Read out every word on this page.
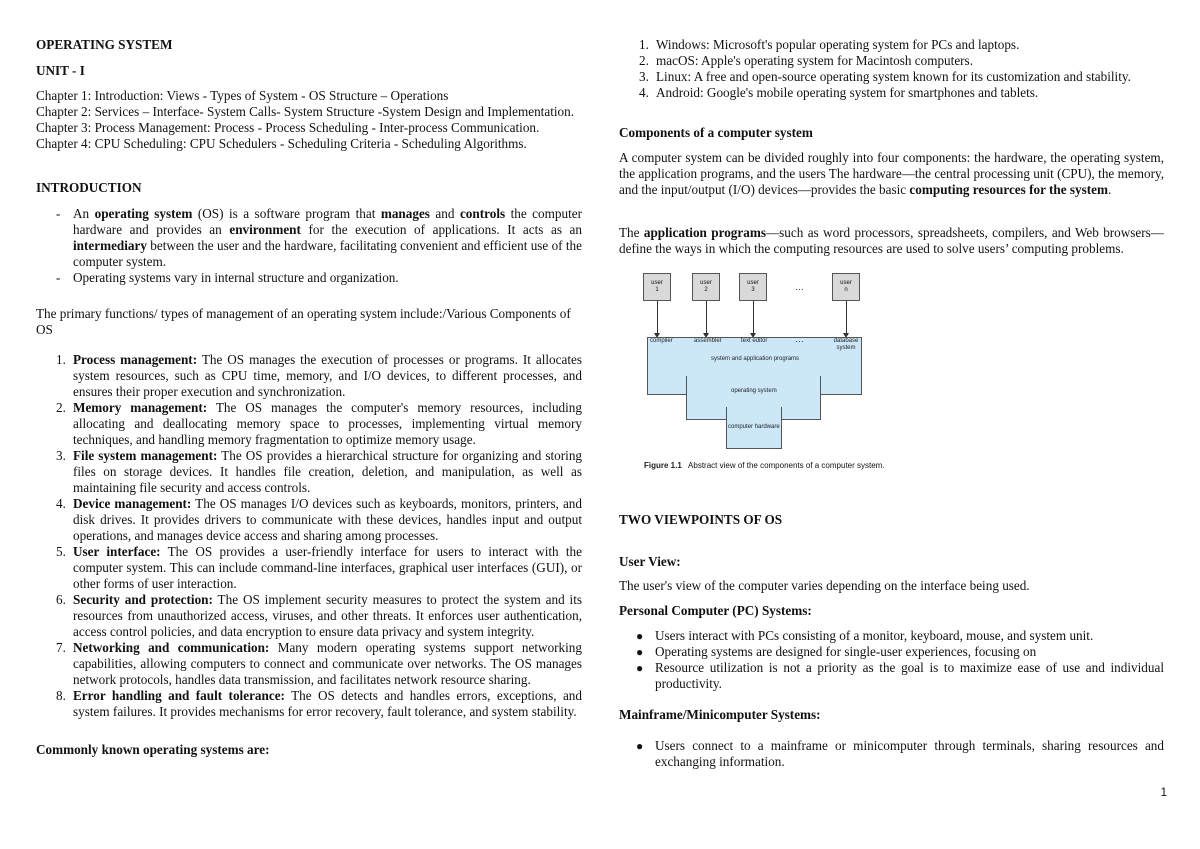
OPERATING SYSTEM

UNIT - I

Chapter 1: Introduction: Views - Types of System - OS Structure – Operations

Chapter 2: Services – Interface- System Calls- System Structure -System Design and Implementation.

Chapter 3: Process Management: Process - Process Scheduling - Inter-process Communication.

Chapter 4: CPU Scheduling: CPU Schedulers - Scheduling Criteria - Scheduling Algorithms.

INTRODUCTION

- An operating system (OS) is a software program that manages and controls the computer hardware and provides an environment for the execution of applications. It acts as an intermediary between the user and the hardware, facilitating convenient and efficient use of the computer system.
- Operating systems vary in internal structure and organization.

The primary functions/ types of management of an operating system include:/Various Components of OS

1. Process management: The OS manages the execution of processes or programs. It allocates system resources, such as CPU time, memory, and I/O devices, to different processes, and ensures their proper execution and synchronization.
2. Memory management: The OS manages the computer's memory resources, including allocating and deallocating memory space to processes, implementing virtual memory techniques, and handling memory fragmentation to optimize memory usage.
3. File system management: The OS provides a hierarchical structure for organizing and storing files on storage devices. It handles file creation, deletion, and manipulation, as well as maintaining file security and access controls.
4. Device management: The OS manages I/O devices such as keyboards, monitors, printers, and disk drives. It provides drivers to communicate with these devices, handles input and output operations, and manages device access and sharing among processes.
5. User interface: The OS provides a user-friendly interface for users to interact with the computer system. This can include command-line interfaces, graphical user interfaces (GUI), or other forms of user interaction.
6. Security and protection: The OS implement security measures to protect the system and its resources from unauthorized access, viruses, and other threats. It enforces user authentication, access control policies, and data encryption to ensure data privacy and system integrity.
7. Networking and communication: Many modern operating systems support networking capabilities, allowing computers to connect and communicate over networks. The OS manages network protocols, handles data transmission, and facilitates network resource sharing.
8. Error handling and fault tolerance: The OS detects and handles errors, exceptions, and system failures. It provides mechanisms for error recovery, fault tolerance, and system stability.

Commonly known operating systems are:

1. Windows: Microsoft's popular operating system for PCs and laptops.
2. macOS: Apple's operating system for Macintosh computers.
3. Linux: A free and open-source operating system known for its customization and stability.
4. Android: Google's mobile operating system for smartphones and tablets.

Components of a computer system

A computer system can be divided roughly into four components: the hardware, the operating system, the application programs, and the users The hardware—the central processing unit (CPU), the memory, and the input/output (I/O) devices—provides the basic computing resources for the system.

The application programs—such as word processors, spreadsheets, compilers, and Web browsers—define the ways in which the computing resources are used to solve users’ computing problems.

user
1
user
2
user
3	…	user
n
compiler	assembler	text editor	…	database system
system and application programs
operating system
computer hardware
Figure 1.1 Abstract view of the components of a computer system.

TWO VIEWPOINTS OF OS

User View:

The user's view of the computer varies depending on the interface being used.

Personal Computer (PC) Systems:

● Users interact with PCs consisting of a monitor, keyboard, mouse, and system unit.
● Operating systems are designed for single-user experiences, focusing on
● Resource utilization is not a priority as the goal is to maximize ease of use and individual productivity.

Mainframe/Minicomputer Systems:

● Users connect to a mainframe or minicomputer through terminals, sharing resources and exchanging information.
1
